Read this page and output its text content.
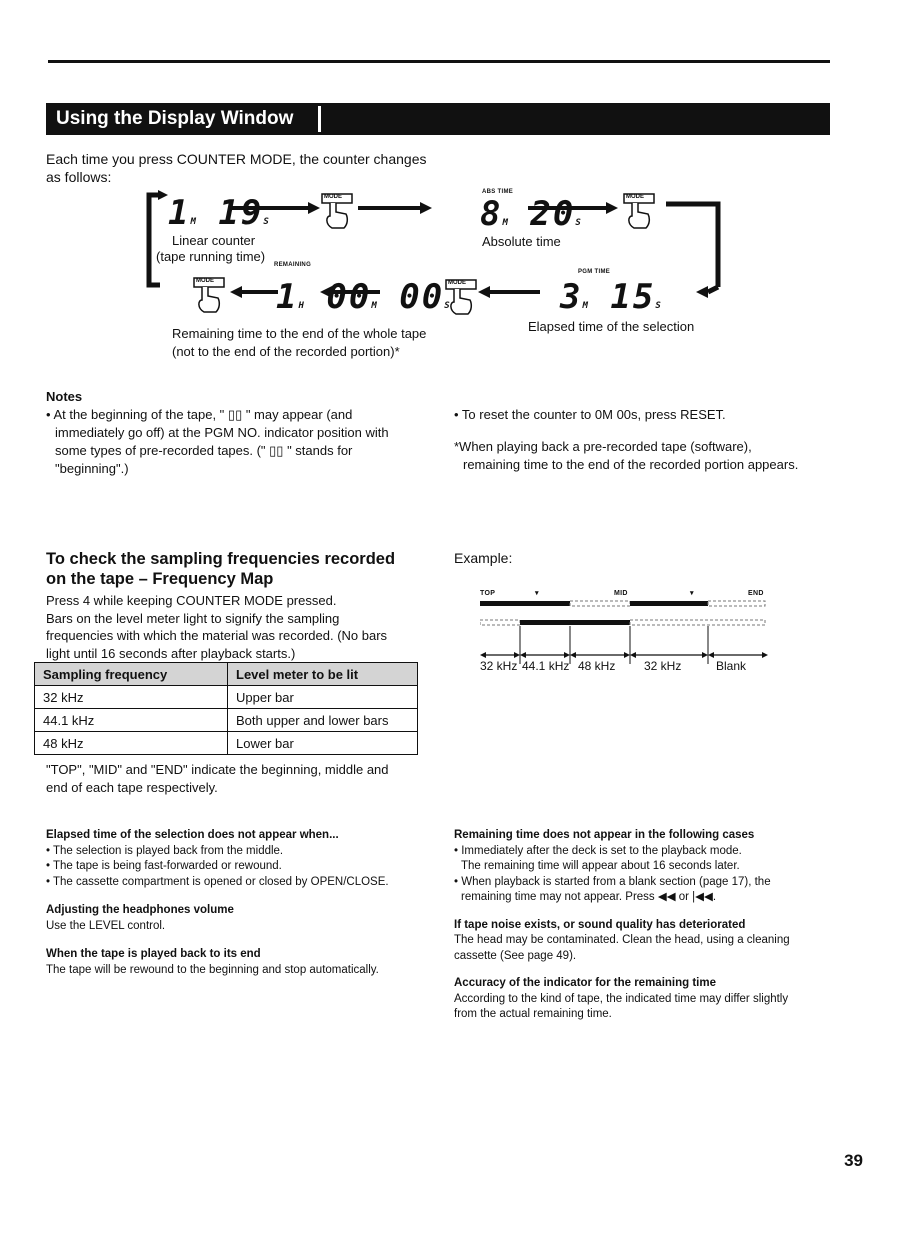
Using the Display Window
Each time you press COUNTER MODE, the counter changes
as follows:
MODE	MODE
MODE
MODE
1M 19S
Linear counter
(tape running time)
ABS TIME
8M 20S
Absolute time
PGM TIME
3M 15S
Elapsed time of the selection
REMAINING
1H 00M 00S
Remaining time to the end of the whole tape
(not to the end of the recorded portion)*
Notes
• At the beginning of the tape, " ▯▯ " may appear (and
immediately go off) at the PGM NO. indicator position with
some types of pre-recorded tapes. (" ▯▯ " stands for
"beginning".)
• To reset the counter to 0M 00s, press RESET.
*When playing back a pre-recorded tape (software),
remaining time to the end of the recorded portion appears.
To check the sampling frequencies recorded
on the tape – Frequency Map
Press 4 while keeping COUNTER MODE pressed.
Bars on the level meter light to signify the sampling
frequencies with which the material was recorded. (No bars
light until 16 seconds after playback starts.)
Sampling frequency	Level meter to be lit
32 kHz	Upper bar
44.1 kHz	Both upper and lower bars
48 kHz	Lower bar
"TOP", "MID" and "END" indicate the beginning, middle and
end of each tape respectively.
Example:
TOP	▾	MID	▾	END
32 kHz 44.1 kHz 48 kHz 32 kHz	Blank
Elapsed time of the selection does not appear when...
• The selection is played back from the middle.
• The tape is being fast-forwarded or rewound.
• The cassette compartment is opened or closed by OPEN/CLOSE.
Adjusting the headphones volume
Use the LEVEL control.
When the tape is played back to its end
The tape will be rewound to the beginning and stop automatically.
Remaining time does not appear in the following cases
• Immediately after the deck is set to the playback mode.
The remaining time will appear about 16 seconds later.
• When playback is started from a blank section (page 17), the
remaining time may not appear. Press ◀◀ or |◀◀.
If tape noise exists, or sound quality has deteriorated
The head may be contaminated. Clean the head, using a cleaning
cassette (See page 49).
Accuracy of the indicator for the remaining time
According to the kind of tape, the indicated time may differ slightly
from the actual remaining time.
39
